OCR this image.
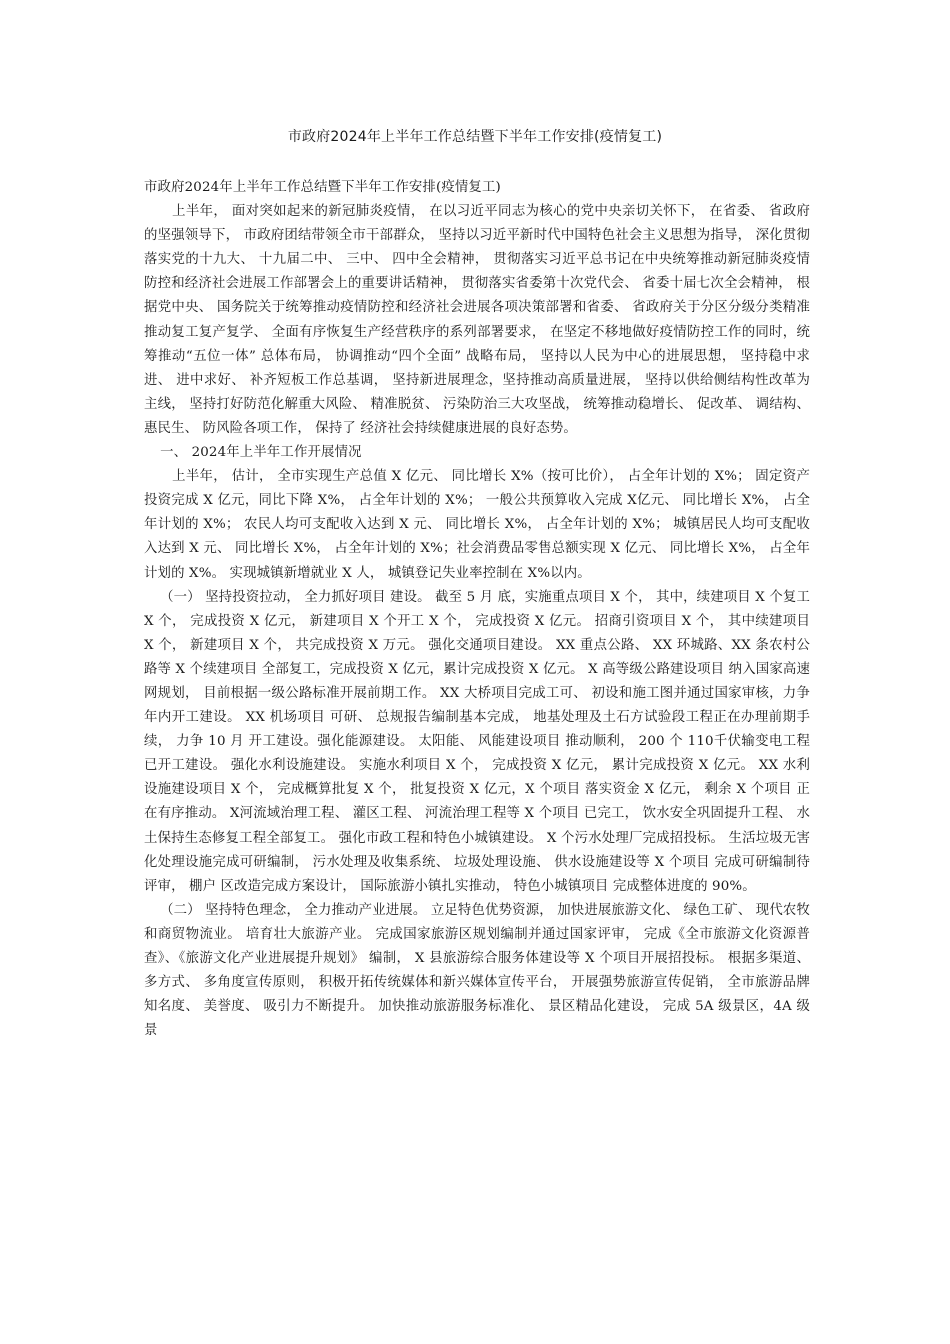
市政府2024年上半年工作总结暨下半年工作安排(疫情复工)

市政府2024年上半年工作总结暨下半年工作安排(疫情复工)

上半年， 面对突如起来的新冠肺炎疫情， 在以习近平同志为核心的党中央亲切关怀下， 在省委、 省政府的坚强领导下， 市政府团结带领全市干部群众， 坚持以习近平新时代中国特色社会主义思想为指导， 深化贯彻落实党的十九大、 十九届二中、 三中、 四中全会精神， 贯彻落实习近平总书记在中央统筹推动新冠肺炎疫情防控和经济社会进展工作部署会上的重要讲话精神， 贯彻落实省委第十次党代会、 省委十届七次全会精神， 根据党中央、 国务院关于统筹推动疫情防控和经济社会进展各项决策部署和省委、 省政府关于分区分级分类精准推动复工复产复学、 全面有序恢复生产经营秩序的系列部署要求， 在坚定不移地做好疫情防控工作的同时，统筹推动“五位一体” 总体布局， 协调推动“四个全面” 战略布局， 坚持以人民为中心的进展思想， 坚持稳中求进、 进中求好、 补齐短板工作总基调， 坚持新进展理念，坚持推动高质量进展， 坚持以供给侧结构性改革为主线， 坚持打好防范化解重大风险、 精准脱贫、 污染防治三大攻坚战， 统筹推动稳增长、 促改革、 调结构、 惠民生、 防风险各项工作， 保持了 经济社会持续健康进展的良好态势。

一、 2024年上半年工作开展情况

上半年， 估计， 全市实现生产总值 X 亿元、 同比增长 X%（按可比价）， 占全年计划的 X%； 固定资产投资完成 X 亿元，同比下降 X%， 占全年计划的 X%； 一般公共预算收入完成 X亿元、 同比增长 X%， 占全年计划的 X%； 农民人均可支配收入达到 X 元、 同比增长 X%， 占全年计划的 X%； 城镇居民人均可支配收入达到 X 元、 同比增长 X%， 占全年计划的 X%；社会消费品零售总额实现 X 亿元、 同比增长 X%， 占全年计划的 X%。 实现城镇新增就业 X 人， 城镇登记失业率控制在 X%以内。

（一） 坚持投资拉动， 全力抓好项目 建设。 截至 5 月 底，实施重点项目 X 个， 其中，续建项目 X 个复工 X 个， 完成投资 X 亿元， 新建项目 X 个开工 X 个， 完成投资 X 亿元。 招商引资项目 X 个， 其中续建项目 X 个， 新建项目 X 个， 共完成投资 X 万元。 强化交通项目建设。 XX 重点公路、 XX 环城路、XX 条农村公路等 X 个续建项目 全部复工，完成投资 X 亿元，累计完成投资 X 亿元。 X 高等级公路建设项目 纳入国家高速网规划， 目前根据一级公路标准开展前期工作。 XX 大桥项目完成工可、 初设和施工图并通过国家审核，力争年内开工建设。 XX 机场项目 可研、 总规报告编制基本完成， 地基处理及土石方试验段工程正在办理前期手续， 力争 10 月 开工建设。强化能源建设。 太阳能、 风能建设项目 推动顺利， 200 个 110千伏输变电工程已开工建设。 强化水利设施建设。 实施水利项目 X 个， 完成投资 X 亿元， 累计完成投资 X 亿元。 XX 水利设施建设项目 X 个， 完成概算批复 X 个， 批复投资 X 亿元，X 个项目 落实资金 X 亿元， 剩余 X 个项目 正在有序推动。 X河流域治理工程、 灌区工程、 河流治理工程等 X 个项目 已完工， 饮水安全巩固提升工程、 水土保持生态修复工程全部复工。 强化市政工程和特色小城镇建设。 X 个污水处理厂完成招投标。 生活垃圾无害化处理设施完成可研编制， 污水处理及收集系统、 垃圾处理设施、 供水设施建设等 X 个项目 完成可研编制待评审， 棚户 区改造完成方案设计， 国际旅游小镇扎实推动， 特色小城镇项目 完成整体进度的 90%。

（二） 坚持特色理念， 全力推动产业进展。 立足特色优势资源， 加快进展旅游文化、 绿色工矿、 现代农牧和商贸物流业。 培育壮大旅游产业。 完成国家旅游区规划编制并通过国家评审， 完成《全市旅游文化资源普查》、《旅游文化产业进展提升规划》 编制， X 县旅游综合服务体建设等 X 个项目开展招投标。 根据多渠道、 多方式、 多角度宣传原则， 积极开拓传统媒体和新兴媒体宣传平台， 开展强势旅游宣传促销， 全市旅游品牌知名度、 美誉度、 吸引力不断提升。 加快推动旅游服务标准化、 景区精品化建设， 完成 5A 级景区，4A 级景
